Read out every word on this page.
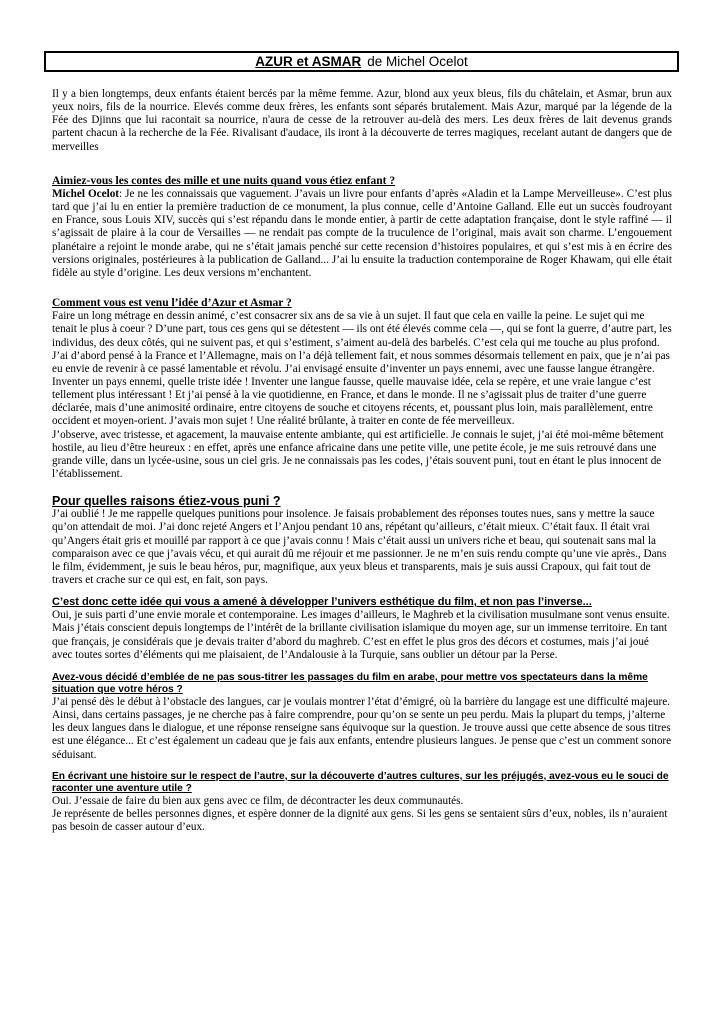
AZUR et ASMAR de Michel Ocelot

Il y a bien longtemps, deux enfants étaient bercés par la même femme. Azur, blond aux yeux bleus, fils du châtelain, et Asmar, brun aux yeux noirs, fils de la nourrice. Elevés comme deux frères, les enfants sont séparés brutalement. Mais Azur, marqué par la légende de la Fée des Djinns que lui racontait sa nourrice, n'aura de cesse de la retrouver au-delà des mers. Les deux frères de lait devenus grands partent chacun à la recherche de la Fée. Rivalisant d'audace, ils iront à la découverte de terres magiques, recelant autant de dangers que de merveilles

Aimiez-vous les contes des mille et une nuits quand vous étiez enfant ?

Michel Ocelot: Je ne les connaissais que vaguement. J’avais un livre pour enfants d’après «Aladin et la Lampe Merveilleuse». C’est plus tard que j’ai lu en entier la première traduction de ce monument, la plus connue, celle d’Antoine Galland. Elle eut un succès foudroyant en France, sous Louis XIV, succès qui s’est répandu dans le monde entier, à partir de cette adaptation française, dont le style raffiné — il s’agissait de plaire à la cour de Versailles — ne rendait pas compte de la truculence de l’original, mais avait son charme. L’engouement planétaire a rejoint le monde arabe, qui ne s’était jamais penché sur cette recension d’histoires populaires, et qui s’est mis à en écrire des versions originales, postérieures à la publication de Galland... J’ai lu ensuite la traduction contemporaine de Roger Khawam, qui elle était fidèle au style d’origine. Les deux versions m’enchantent.

Comment vous est venu l’idée d’Azur et Asmar ?

Faire un long métrage en dessin animé, c’est consacrer six ans de sa vie à un sujet. Il faut que cela en vaille la peine. Le sujet qui me tenait le plus à coeur ? D’une part, tous ces gens qui se détestent — ils ont été élevés comme cela —, qui se font la guerre, d’autre part, les individus, des deux côtés, qui ne suivent pas, et qui s’estiment, s’aiment au-delà des barbelés. C’est cela qui me touche au plus profond. J’ai d’abord pensé à la France et l’Allemagne, mais on l’a déjà tellement fait, et nous sommes désormais tellement en paix, que je n’ai pas eu envie de revenir à ce passé lamentable et révolu. J’ai envisagé ensuite d’inventer un pays ennemi, avec une fausse langue étrangère. Inventer un pays ennemi, quelle triste idée ! Inventer une langue fausse, quelle mauvaise idée, cela se repère, et une vraie langue c’est tellement plus intéressant ! Et j’ai pensé à la vie quotidienne, en France, et dans le monde. Il ne s’agissait plus de traiter d’une guerre déclarée, mais d’une animosité ordinaire, entre citoyens de souche et citoyens récents, et, poussant plus loin, mais parallèlement, entre occident et moyen-orient. J’avais mon sujet ! Une réalité brûlante, à traiter en conte de fée merveilleux.

J’observe, avec tristesse, et agacement, la mauvaise entente ambiante, qui est artificielle. Je connais le sujet, j’ai été moi-même bêtement hostile, au lieu d’être heureux : en effet, après une enfance africaine dans une petite ville, une petite école, je me suis retrouvé dans une grande ville, dans un lycée-usine, sous un ciel gris. Je ne connaissais pas les codes, j’étais souvent puni, tout en étant le plus innocent de l’établissement.

Pour quelles raisons étiez-vous puni ?

J’ai oublié ! Je me rappelle quelques punitions pour insolence. Je faisais probablement des réponses toutes nues, sans y mettre la sauce qu’on attendait de moi. J’ai donc rejeté Angers et l’Anjou pendant 10 ans, répétant qu’ailleurs, c’était mieux. C’était faux. Il était vrai qu’Angers était gris et mouillé par rapport à ce que j’avais connu ! Mais c’était aussi un univers riche et beau, qui soutenait sans mal la comparaison avec ce que j’avais vécu, et qui aurait dû me réjouir et me passionner. Je ne m’en suis rendu compte qu’une vie après., Dans le film, évidemment, je suis le beau héros, pur, magnifique, aux yeux bleus et transparents, mais je suis aussi Crapoux, qui fait tout de travers et crache sur ce qui est, en fait, son pays.

C’est donc cette idée qui vous a amené à développer l’univers esthétique du film, et non pas l’inverse...

Oui, je suis parti d’une envie morale et contemporaine. Les images d’ailleurs, le Maghreb et la civilisation musulmane sont venus ensuite. Mais j’étais conscient depuis longtemps de l’intérêt de la brillante civilisation islamique du moyen age, sur un immense territoire. En tant que français, je considérais que je devais traiter d’abord du maghreb. C’est en effet le plus gros des décors et costumes, mais j’ai joué avec toutes sortes d’éléments qui me plaisaient, de l’Andalousie à la Turquie, sans oublier un détour par la Perse.

Avez-vous décidé d’emblée de ne pas sous-titrer les passages du film en arabe, pour mettre vos spectateurs dans la même situation que votre héros ?

J’ai pensé dès le début à l’obstacle des langues, car je voulais montrer l’état d’émigré, où la barrière du langage est une difficulté majeure. Ainsi, dans certains passages, je ne cherche pas à faire comprendre, pour qu’on se sente un peu perdu. Mais la plupart du temps, j’alterne les deux langues dans le dialogue, et une réponse renseigne sans équivoque sur la question. Je trouve aussi que cette absence de sous titres est une élégance... Et c’est également un cadeau que je fais aux enfants, entendre plusieurs langues. Je pense que c’est un comment sonore séduisant.

En écrivant une histoire sur le respect de l’autre, sur la découverte d’autres cultures, sur les préjugés, avez-vous eu le souci de raconter une aventure utile ?

Oui. J’essaie de faire du bien aux gens avec ce film, de décontracter les deux communautés.

Je représente de belles personnes dignes, et espère donner de la dignité aux gens. Si les gens se sentaient sûrs d’eux, nobles, ils n’auraient pas besoin de casser autour d’eux.
